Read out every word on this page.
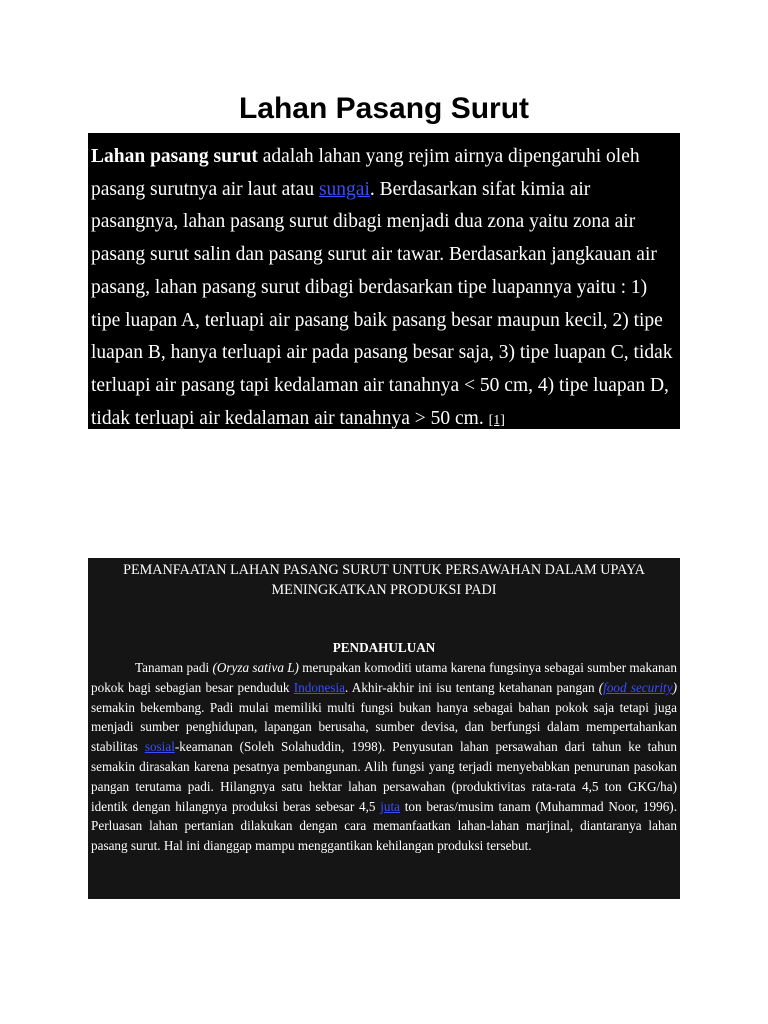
Lahan Pasang Surut
Lahan pasang surut adalah lahan yang rejim airnya dipengaruhi oleh pasang surutnya air laut atau sungai. Berdasarkan sifat kimia air pasangnya, lahan pasang surut dibagi menjadi dua zona yaitu zona air pasang surut salin dan pasang surut air tawar. Berdasarkan jangkauan air pasang, lahan pasang surut dibagi berdasarkan tipe luapannya yaitu : 1) tipe luapan A, terluapi air pasang baik pasang besar maupun kecil, 2) tipe luapan B, hanya terluapi air pada pasang besar saja, 3) tipe luapan C, tidak terluapi air pasang tapi kedalaman air tanahnya < 50 cm, 4) tipe luapan D, tidak terluapi air kedalaman air tanahnya > 50 cm. [1]

PEMANFAATAN LAHAN PASANG SURUT UNTUK PERSAWAHAN DALAM UPAYA MENINGKATKAN PRODUKSI PADI

PENDAHULUAN

Tanaman padi (Oryza sativa L) merupakan komoditi utama karena fungsinya sebagai sumber makanan pokok bagi sebagian besar penduduk Indonesia. Akhir-akhir ini isu tentang ketahanan pangan (food security) semakin bekembang. Padi mulai memiliki multi fungsi bukan hanya sebagai bahan pokok saja tetapi juga menjadi sumber penghidupan, lapangan berusaha, sumber devisa, dan berfungsi dalam mempertahankan stabilitas sosial-keamanan (Soleh Solahuddin, 1998). Penyusutan lahan persawahan dari tahun ke tahun semakin dirasakan karena pesatnya pembangunan. Alih fungsi yang terjadi menyebabkan penurunan pasokan pangan terutama padi. Hilangnya satu hektar lahan persawahan (produktivitas rata-rata 4,5 ton GKG/ha) identik dengan hilangnya produksi beras sebesar 4,5 juta ton beras/musim tanam (Muhammad Noor, 1996). Perluasan lahan pertanian dilakukan dengan cara memanfaatkan lahan-lahan marjinal, diantaranya lahan pasang surut. Hal ini dianggap mampu menggantikan kehilangan produksi tersebut.
